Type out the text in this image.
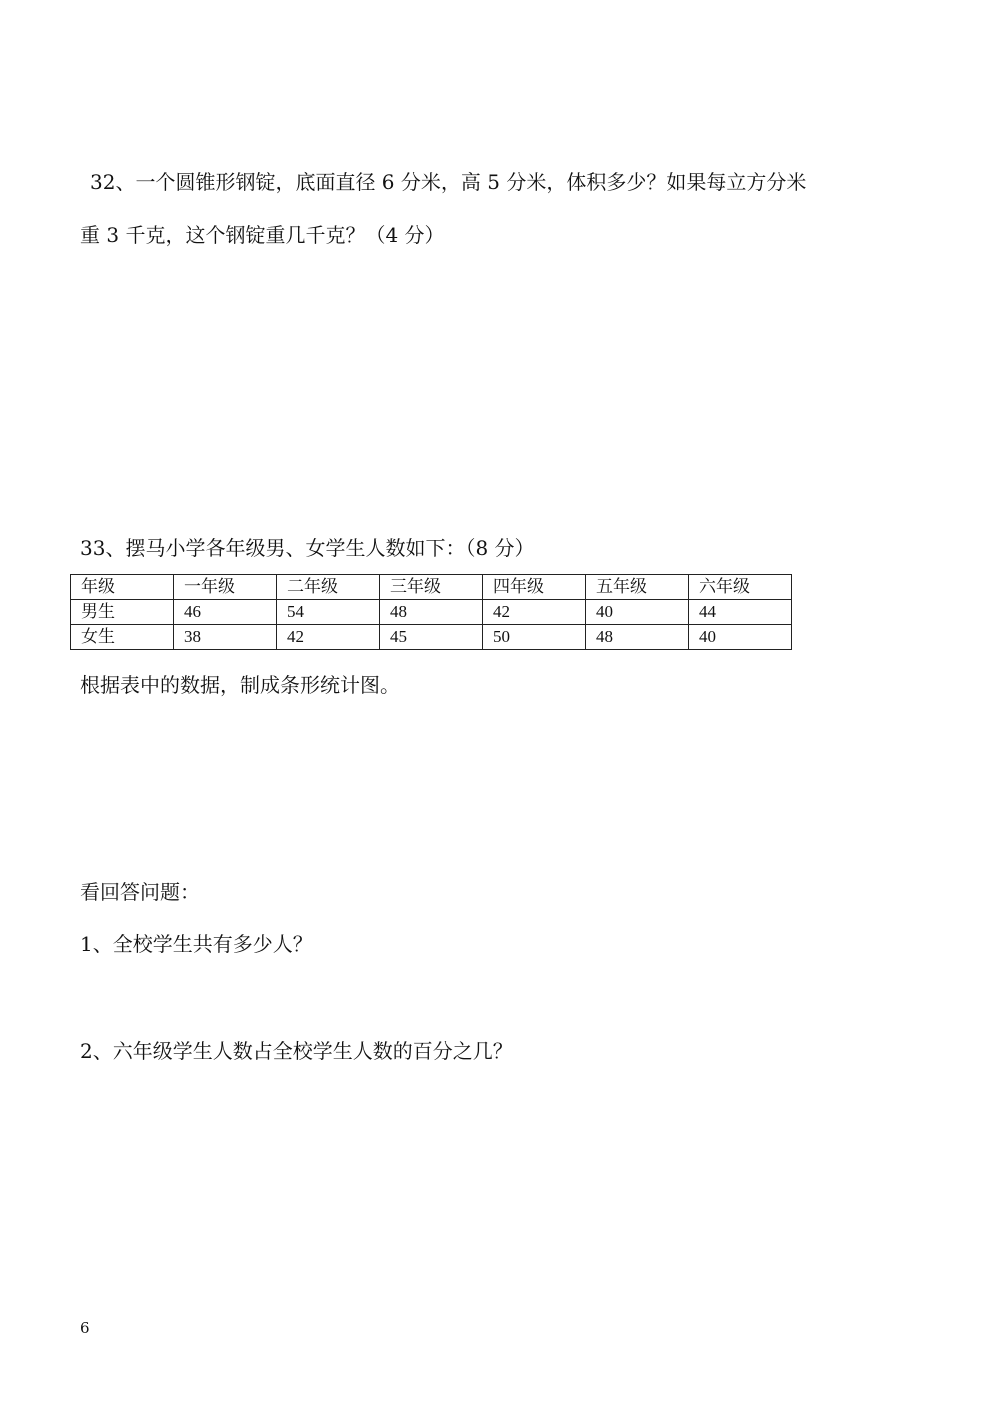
32、一个圆锥形钢锭，底面直径 6 分米，高 5 分米，体积多少？如果每立方分米
重 3 千克，这个钢锭重几千克？（4 分）
33、摆马小学各年级男、女学生人数如下：（8 分）
年级	一年级	二年级	三年级	四年级	五年级	六年级
男生	46	54	48	42	40	44
女生	38	42	45	50	48	40
根据表中的数据，制成条形统计图。
看回答问题：
1、全校学生共有多少人？
2、六年级学生人数占全校学生人数的百分之几？
6
